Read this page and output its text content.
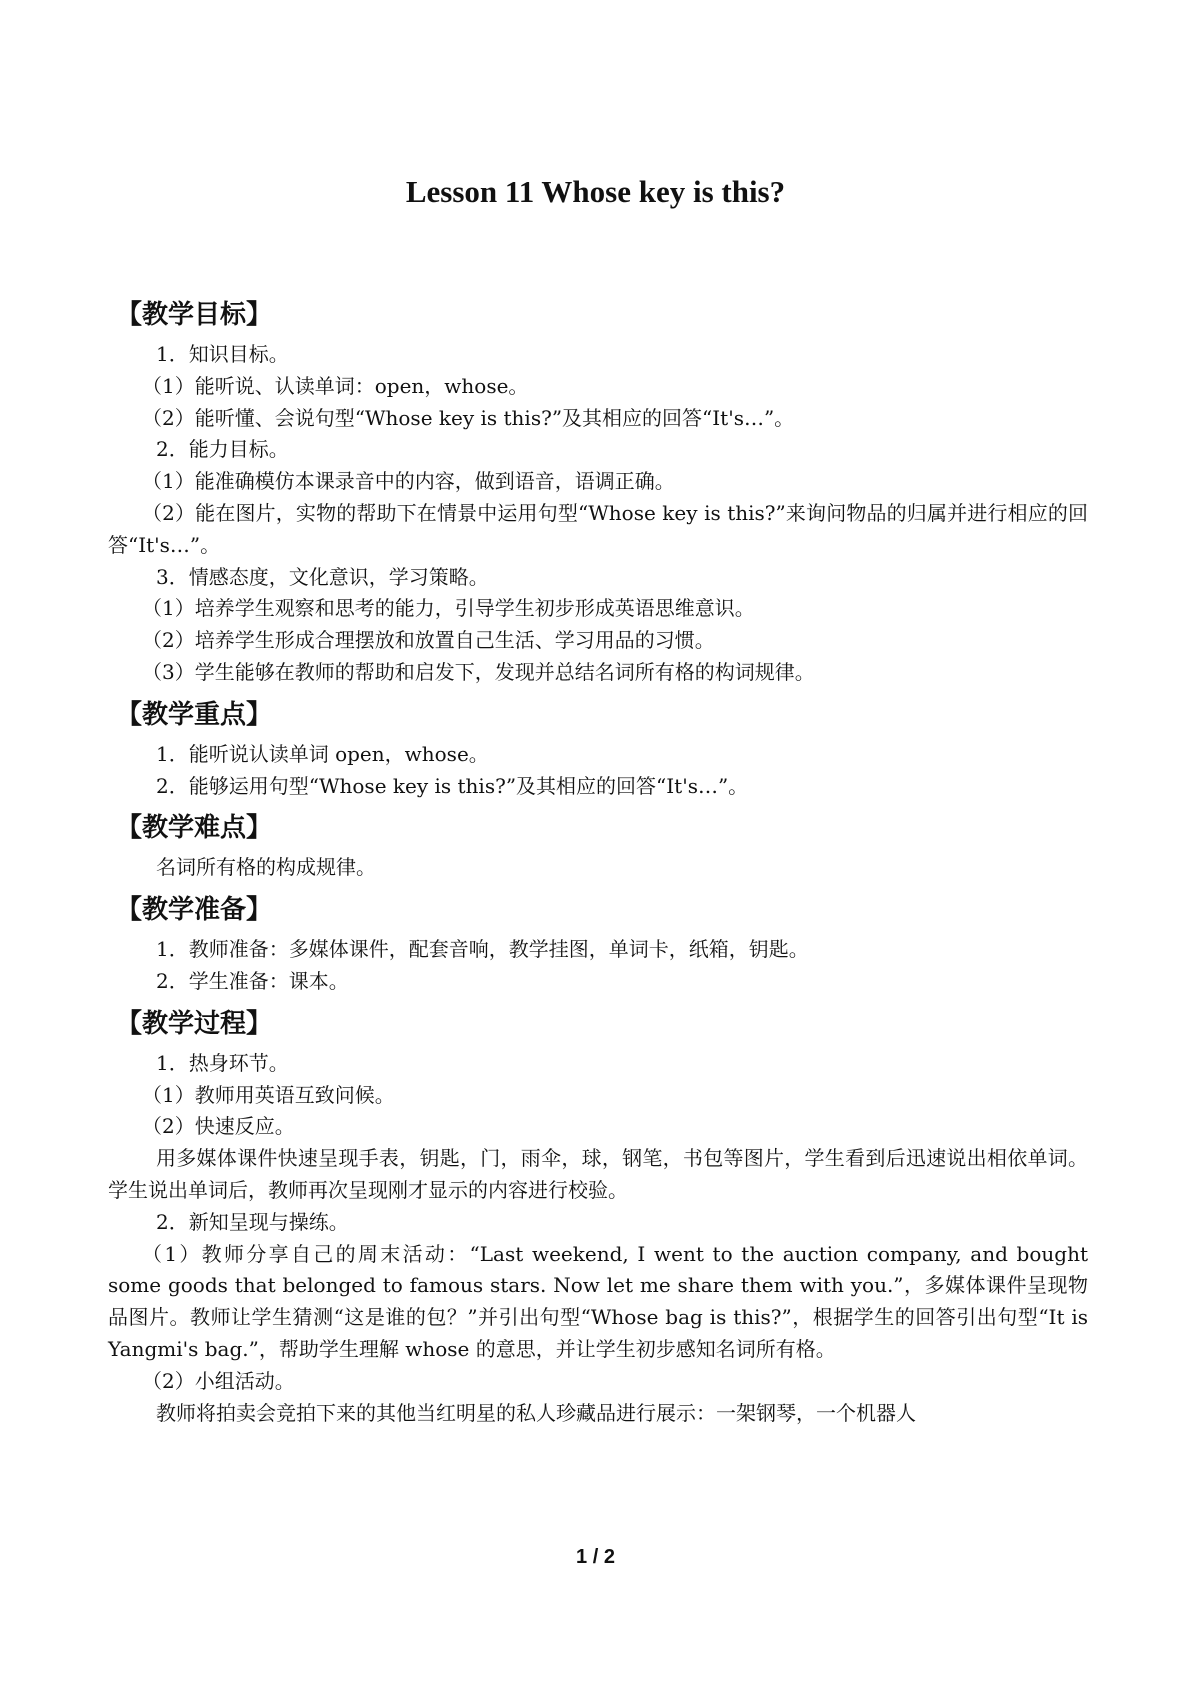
Lesson 11 Whose key is this?
【教学目标】

1．知识目标。

（1）能听说、认读单词：open，whose。

（2）能听懂、会说句型“Whose key is this?”及其相应的回答“It's…”。

2．能力目标。

（1）能准确模仿本课录音中的内容，做到语音，语调正确。

（2）能在图片，实物的帮助下在情景中运用句型“Whose key is this?”来询问物品的归属并进行相应的回答“It's…”。

3．情感态度，文化意识，学习策略。

（1）培养学生观察和思考的能力，引导学生初步形成英语思维意识。

（2）培养学生形成合理摆放和放置自己生活、学习用品的习惯。

（3）学生能够在教师的帮助和启发下，发现并总结名词所有格的构词规律。

【教学重点】

1．能听说认读单词 open，whose。

2．能够运用句型“Whose key is this?”及其相应的回答“It's…”。

【教学难点】

名词所有格的构成规律。

【教学准备】

1．教师准备：多媒体课件，配套音响，教学挂图，单词卡，纸箱，钥匙。

2．学生准备：课本。

【教学过程】

1．热身环节。

（1）教师用英语互致问候。

（2）快速反应。

用多媒体课件快速呈现手表，钥匙，门，雨伞，球，钢笔，书包等图片，学生看到后迅速说出相依单词。学生说出单词后，教师再次呈现刚才显示的内容进行校验。

2．新知呈现与操练。

（1）教师分享自己的周末活动：“Last weekend, I went to the auction company, and bought some goods that belonged to famous stars. Now let me share them with you.”，多媒体课件呈现物品图片。教师让学生猜测“这是谁的包？”并引出句型“Whose bag is this?”，根据学生的回答引出句型“It is Yangmi's bag.”，帮助学生理解 whose 的意思，并让学生初步感知名词所有格。

（2）小组活动。

教师将拍卖会竞拍下来的其他当红明星的私人珍藏品进行展示：一架钢琴，一个机器人

1 / 2
